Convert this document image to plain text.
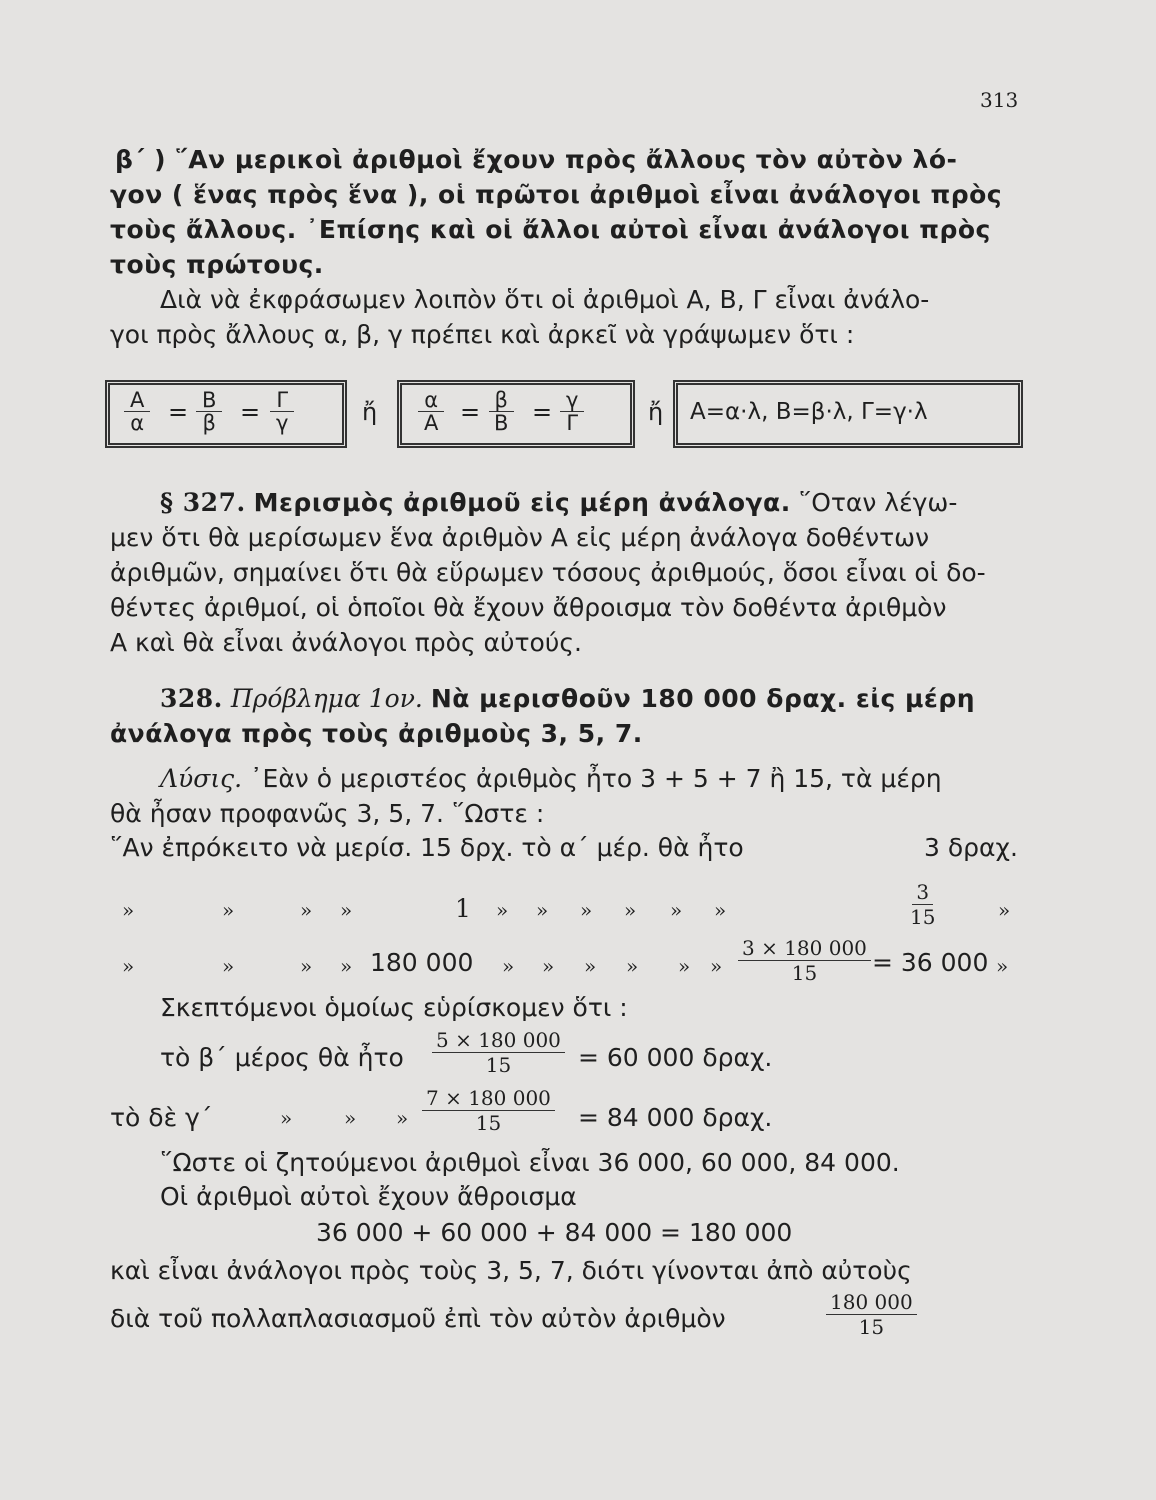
313
β΄ ) ῞Αν μερικοὶ ἀριθμοὶ ἔχουν πρὸς ἄλλους τὸν αὐτὸν λό-
γον ( ἕνας πρὸς ἕνα ), οἱ πρῶτοι ἀριθμοὶ εἶναι ἀνάλογοι πρὸς
τοὺς ἄλλους. ᾿Επίσης καὶ οἱ ἄλλοι αὐτοὶ εἶναι ἀνάλογοι πρὸς
τοὺς πρώτους.
Διὰ νὰ ἐκφράσωμεν λοιπὸν ὅτι οἱ ἀριθμοὶ Α, Β, Γ εἶναι ἀνάλο-
γοι πρὸς ἄλλους α, β, γ πρέπει καὶ ἀρκεῖ νὰ γράψωμεν ὅτι :
$\frac{A}{\alpha} = \frac{B}{\beta} = \frac{\Gamma}{\gamma}$	ἤ $\frac{\alpha}{A} = \frac{\beta}{B} = \frac{\gamma}{\Gamma}$	ἤ Α=α·λ, Β=β·λ, Γ=γ·λ
§ 327. Μερισμὸς ἀριθμοῦ εἰς μέρη ἀνάλογα. ῞Οταν λέγω-
μεν ὅτι θὰ μερίσωμεν ἕνα ἀριθμὸν Α εἰς μέρη ἀνάλογα δοθέντων
ἀριθμῶν, σημαίνει ὅτι θὰ εὕρωμεν τόσους ἀριθμούς, ὅσοι εἶναι οἱ δο-
θέντες ἀριθμοί, οἱ ὁποῖοι θὰ ἔχουν ἄθροισμα τὸν δοθέντα ἀριθμὸν
Α καὶ θὰ εἶναι ἀνάλογοι πρὸς αὐτούς.
328. Πρόβλημα 1ον. Νὰ μερισθοῦν 180 000 δραχ. εἰς μέρη
ἀνάλογα πρὸς τοὺς ἀριθμοὺς 3, 5, 7.
Λύσις. ᾿Εὰν ὁ μεριστέος ἀριθμὸς ἦτο 3 + 5 + 7 ἢ 15, τὰ μέρη
θὰ ἦσαν προφανῶς 3, 5, 7. ῞Ωστε :
῞Αν ἐπρόκειτο νὰ μερίσ. 15 δρχ. τὸ α΄ μέρ. θὰ ἦτο	3 δραχ.
»	»	» »	1 » » » » » »	$\frac{3}{15}$	»
»	»	» » 180 000 » » » » » » $\frac{3 \times 180 000}{15} = 36$ 000 »
Σκεπτόμενοι ὁμοίως εὑρίσκομεν ὅτι :
τὸ β΄ μέρος θὰ ἦτο $\frac{5 \times 180 000}{15} = 60$ 000 δραχ.
τὸ δὲ γ΄	»	» » $\frac{7 \times 180 000}{15} = 84$ 000 δραχ.
῞Ωστε οἱ ζητούμενοι ἀριθμοὶ εἶναι 36 000, 60 000, 84 000.
Οἱ ἀριθμοὶ αὐτοὶ ἔχουν ἄθροισμα
36 000 + 60 000 + 84 000 = 180 000
καὶ εἶναι ἀνάλογοι πρὸς τοὺς 3, 5, 7, διότι γίνονται ἀπὸ αὐτοὺς
διὰ τοῦ πολλαπλασιασμοῦ ἐπὶ τὸν αὐτὸν ἀριθμὸν	$\frac{180 000}{15}$
